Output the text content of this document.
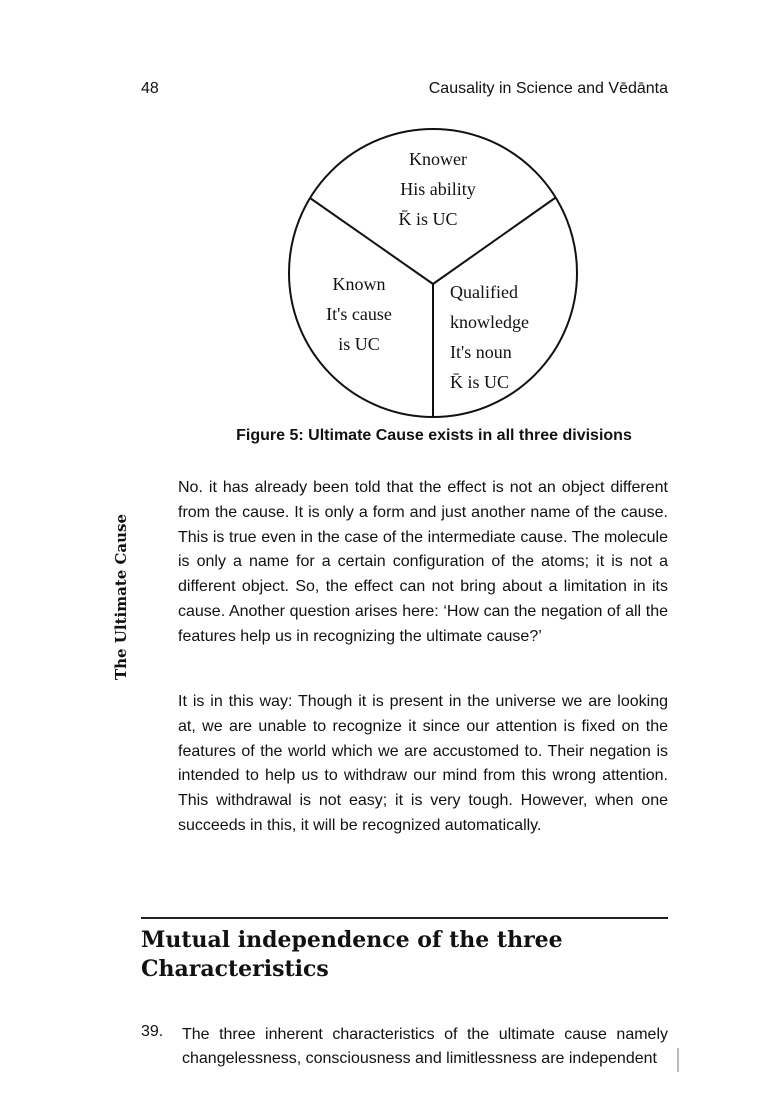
48	Causality in Science and Vēdānta
The Ultimate Cause
Knower
His ability
K̄ is UC
Known
It's cause
is UC
Qualified
knowledge
It's noun
K̄ is UC
Figure 5: Ultimate Cause exists in all three divisions

No. it has already been told that the effect is not an object different from the cause. It is only a form and just another name of the cause. This is true even in the case of the intermediate cause. The molecule is only a name for a certain configuration of the atoms; it is not a different object. So, the effect can not bring about a limitation in its cause. Another question arises here: ‘How can the negation of all the features help us in recognizing the ultimate cause?’

It is in this way: Though it is present in the universe we are looking at, we are unable to recognize it since our attention is fixed on the features of the world which we are accustomed to. Their negation is intended to help us to withdraw our mind from this wrong attention. This withdrawal is not easy; it is very tough. However, when one succeeds in this, it will be recognized automatically.

Mutual independence of the three
Characteristics
39. The three inherent characteristics of the ultimate cause namely changelessness, consciousness and limitlessness are independent
